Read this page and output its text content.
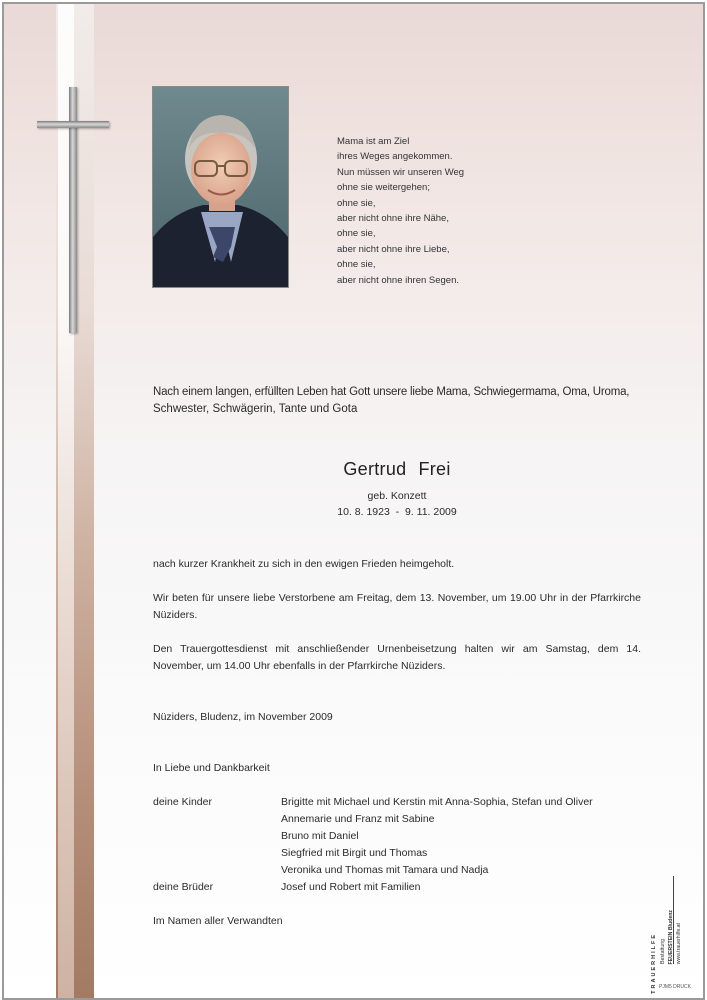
Mama ist am Ziel
ihres Weges angekommen.
Nun müssen wir unseren Weg
ohne sie weitergehen;
ohne sie,
aber nicht ohne ihre Nähe,
ohne sie,
aber nicht ohne ihre Liebe,
ohne sie,
aber nicht ohne ihren Segen.
Nach einem langen, erfüllten Leben hat Gott unsere liebe Mama, Schwiegermama, Oma, Uroma,
Schwester, Schwägerin, Tante und Gota
Gertrud Frei
geb. Konzett
10. 8. 1923  -  9. 11. 2009
nach kurzer Krankheit zu sich in den ewigen Frieden heimgeholt.
Wir beten für unsere liebe Verstorbene am Freitag, dem 13. November, um 19.00 Uhr in der Pfarrkirche Nüziders.
Den Trauergottesdienst mit anschließender Urnenbeisetzung halten wir am Samstag, dem 14. November, um 14.00 Uhr ebenfalls in der Pfarrkirche Nüziders.
Nüziders, Bludenz, im November 2009
In Liebe und Dankbarkeit
deine Kinder	Brigitte mit Michael und Kerstin mit Anna-Sophia, Stefan und Oliver
Annemarie und Franz mit Sabine
Bruno mit Daniel
Siegfried mit Birgit und Thomas
Veronika und Thomas mit Tamara und Nadja
deine Brüder	Josef und Robert mit Familien
Im Namen aller Verwandten
TRAUERHILFE Bestattung FEUERSTEIN Bludenz www.trauerhilfe.at
PJM5 DRUCK
